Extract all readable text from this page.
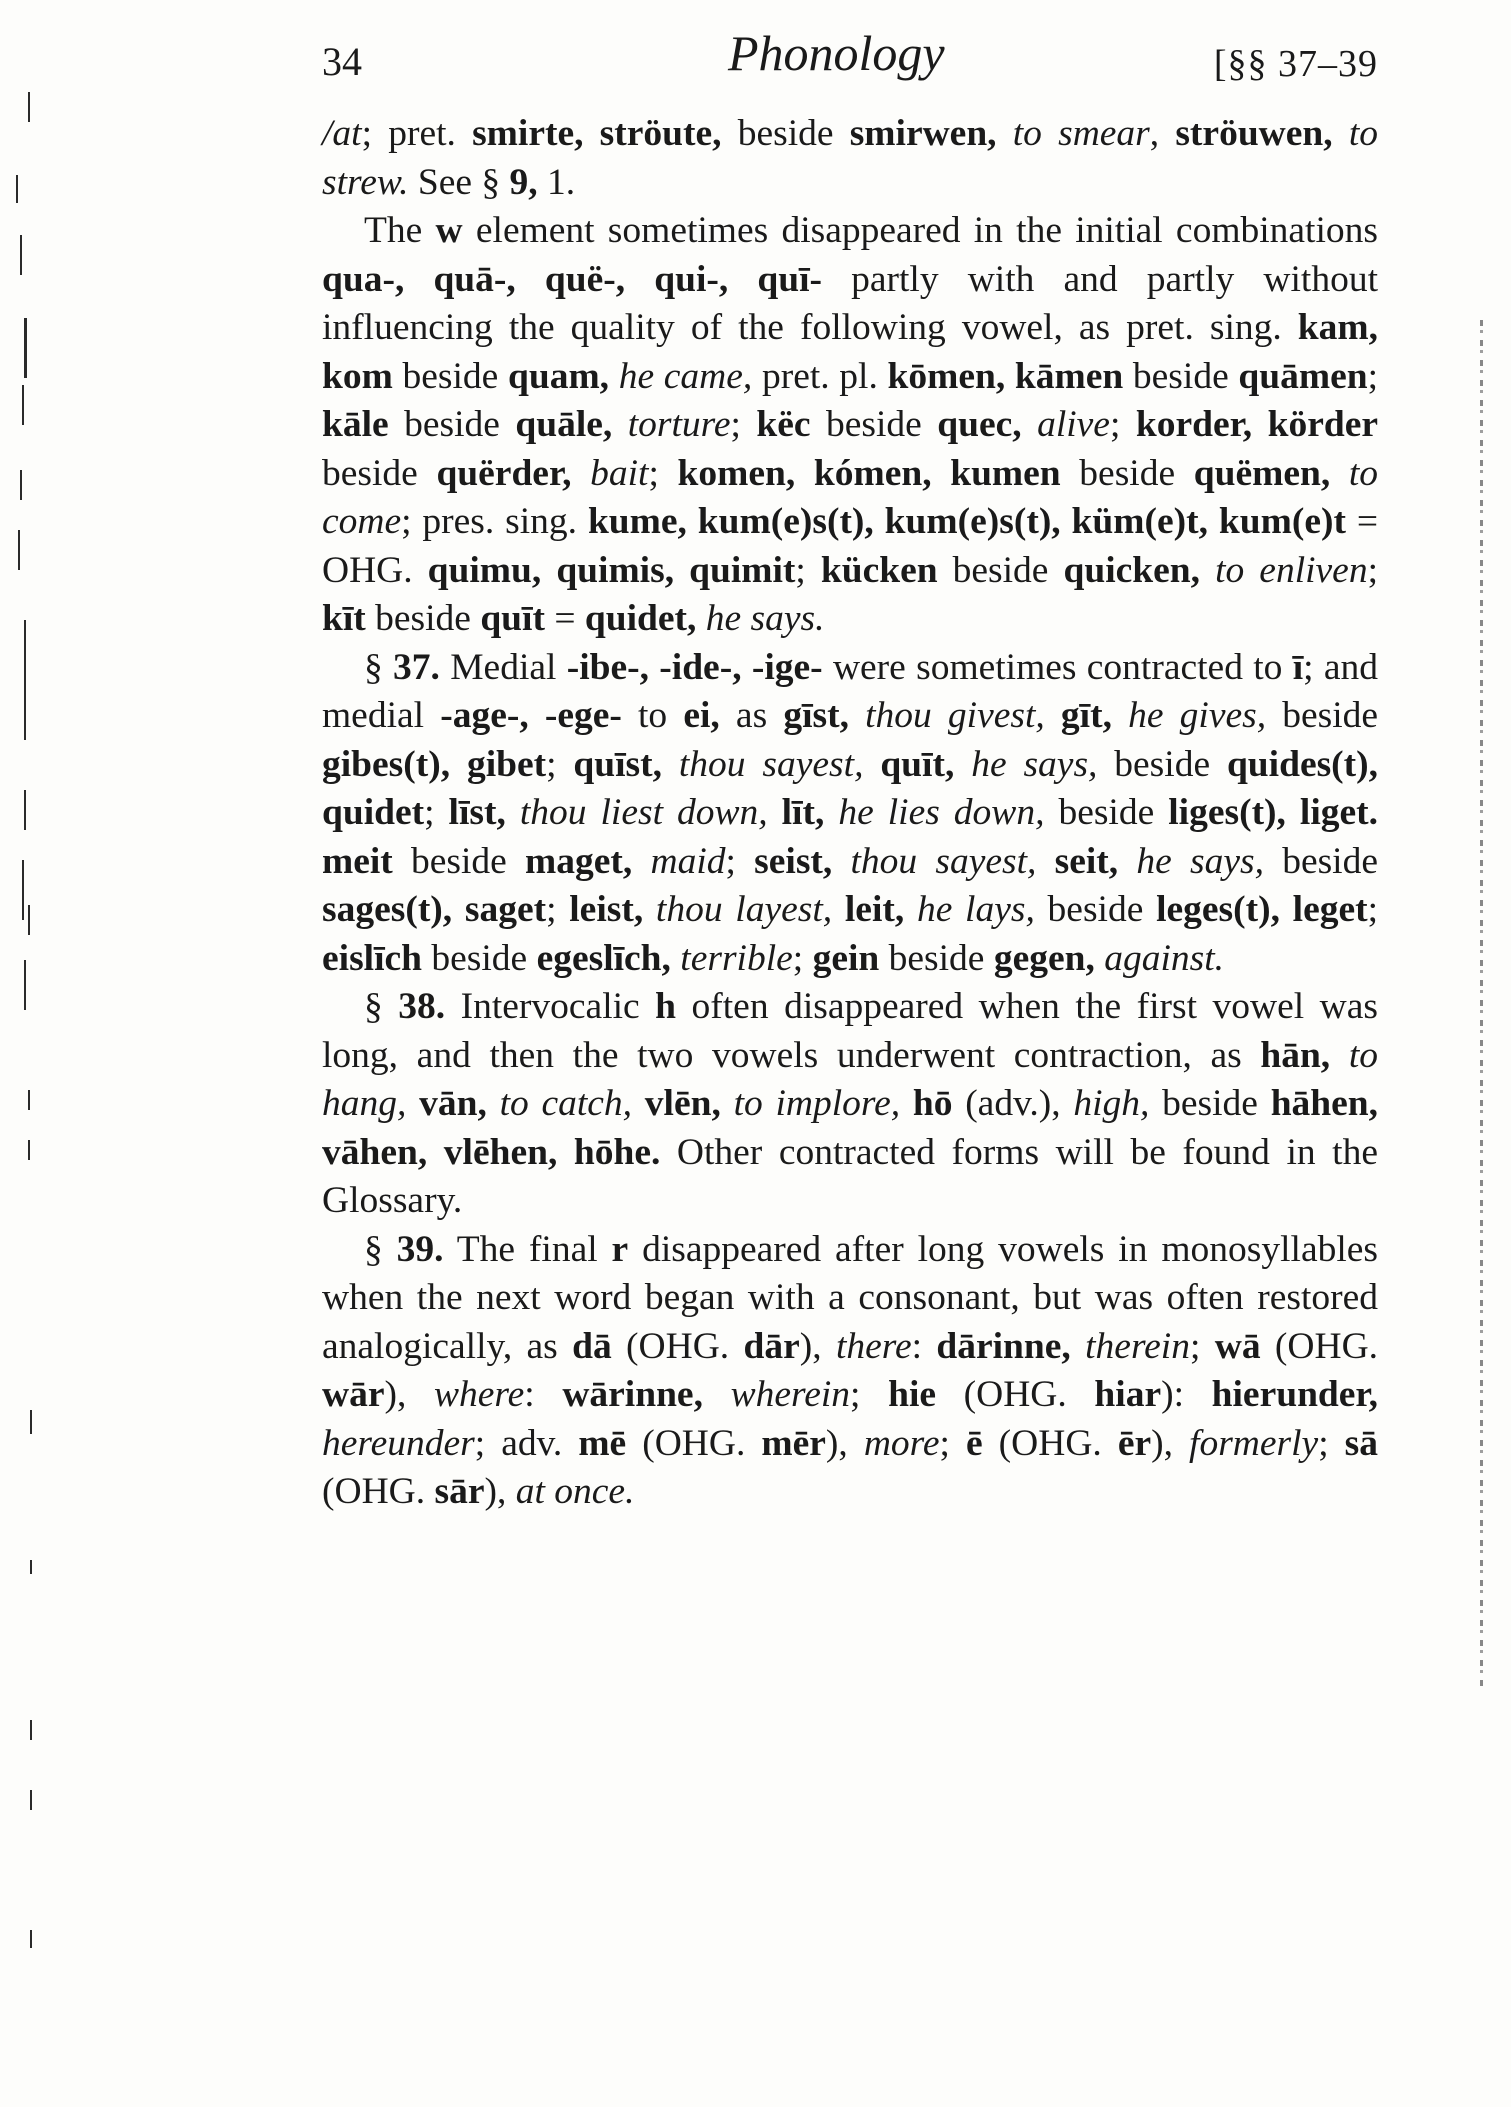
34	Phonology	[§§ 37–39

/at; pret. smirte, ströute, beside smirwen, to smear, ströuwen, to strew. See § 9, 1.

The w element sometimes disappeared in the initial combinations qua-, quā-, quë-, qui-, quī- partly with and partly without influencing the quality of the following vowel, as pret. sing. kam, kom beside quam, he came, pret. pl. kōmen, kāmen beside quāmen; kāle beside quāle, torture; këc beside quec, alive; korder, körder beside quërder, bait; komen, kómen, kumen beside quëmen, to come; pres. sing. kume, kum(e)s(t), kum(e)s(t), küm(e)t, kum(e)t = OHG. quimu, quimis, quimit; kücken beside quicken, to enliven; kīt beside quīt = quidet, he says.

§ 37. Medial -ibe-, -ide-, -ige- were sometimes contracted to ī; and medial -age-, -ege- to ei, as gīst, thou givest, gīt, he gives, beside gibes(t), gibet; quīst, thou sayest, quīt, he says, beside quides(t), quidet; līst, thou liest down, līt, he lies down, beside liges(t), liget. meit beside maget, maid; seist, thou sayest, seit, he says, beside sages(t), saget; leist, thou layest, leit, he lays, beside leges(t), leget; eislīch beside egeslīch, terrible; gein beside gegen, against.

§ 38. Intervocalic h often disappeared when the first vowel was long, and then the two vowels underwent contraction, as hān, to hang, vān, to catch, vlēn, to implore, hō (adv.), high, beside hāhen, vāhen, vlēhen, hōhe. Other contracted forms will be found in the Glossary.

§ 39. The final r disappeared after long vowels in monosyllables when the next word began with a consonant, but was often restored analogically, as dā (OHG. dār), there: dārinne, therein; wā (OHG. wār), where: wārinne, wherein; hie (OHG. hiar): hierunder, hereunder; adv. mē (OHG. mēr), more; ē (OHG. ēr), formerly; sā (OHG. sār), at once.
